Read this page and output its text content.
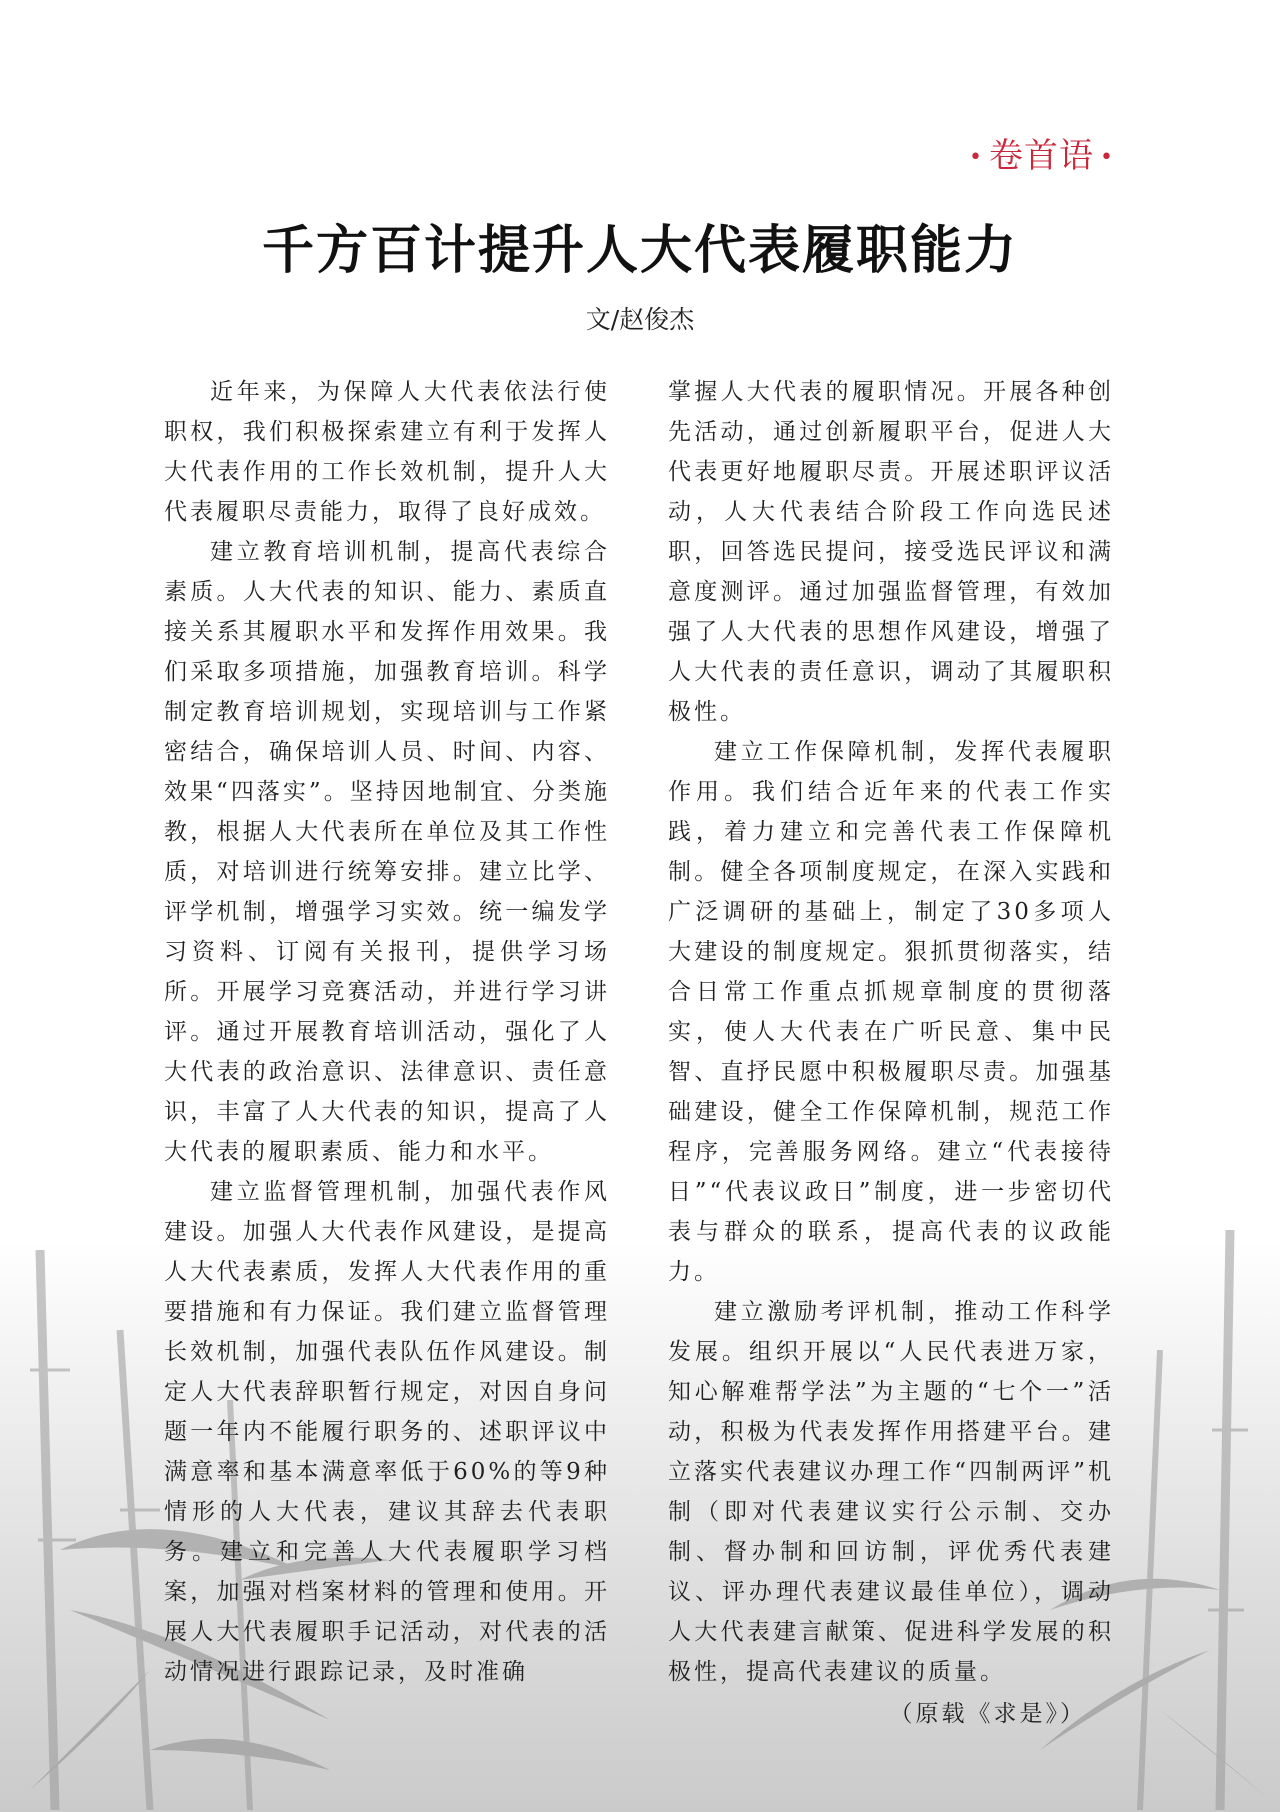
• 卷首语 •
千方百计提升人大代表履职能力
文/赵俊杰

近年来，为保障人大代表依法行使职权，我们积极探索建立有利于发挥人大代表作用的工作长效机制，提升人大代表履职尽责能力，取得了良好成效。

建立教育培训机制，提高代表综合素质。人大代表的知识、能力、素质直接关系其履职水平和发挥作用效果。我们采取多项措施，加强教育培训。科学制定教育培训规划，实现培训与工作紧密结合，确保培训人员、时间、内容、效果“四落实”。坚持因地制宜、分类施教，根据人大代表所在单位及其工作性质，对培训进行统筹安排。建立比学、评学机制，增强学习实效。统一编发学习资料、订阅有关报刊，提供学习场所。开展学习竞赛活动，并进行学习讲评。通过开展教育培训活动，强化了人大代表的政治意识、法律意识、责任意识，丰富了人大代表的知识，提高了人大代表的履职素质、能力和水平。

建立监督管理机制，加强代表作风建设。加强人大代表作风建设，是提高人大代表素质，发挥人大代表作用的重要措施和有力保证。我们建立监督管理长效机制，加强代表队伍作风建设。制定人大代表辞职暂行规定，对因自身问题一年内不能履行职务的、述职评议中满意率和基本满意率低于60%的等9种情形的人大代表，建议其辞去代表职务。建立和完善人大代表履职学习档案，加强对档案材料的管理和使用。开展人大代表履职手记活动，对代表的活动情况进行跟踪记录，及时准确

掌握人大代表的履职情况。开展各种创先活动，通过创新履职平台，促进人大代表更好地履职尽责。开展述职评议活动，人大代表结合阶段工作向选民述职，回答选民提问，接受选民评议和满意度测评。通过加强监督管理，有效加强了人大代表的思想作风建设，增强了人大代表的责任意识，调动了其履职积极性。

建立工作保障机制，发挥代表履职作用。我们结合近年来的代表工作实践，着力建立和完善代表工作保障机制。健全各项制度规定，在深入实践和广泛调研的基础上，制定了30多项人大建设的制度规定。狠抓贯彻落实，结合日常工作重点抓规章制度的贯彻落实，使人大代表在广听民意、集中民智、直抒民愿中积极履职尽责。加强基础建设，健全工作保障机制，规范工作程序，完善服务网络。建立“代表接待日”“代表议政日”制度，进一步密切代表与群众的联系，提高代表的议政能力。

建立激励考评机制，推动工作科学发展。组织开展以“人民代表进万家，知心解难帮学法”为主题的“七个一”活动，积极为代表发挥作用搭建平台。建立落实代表建议办理工作“四制两评”机制（即对代表建议实行公示制、交办制、督办制和回访制，评优秀代表建议、评办理代表建议最佳单位），调动人大代表建言献策、促进科学发展的积极性，提高代表建议的质量。

（原载《求是》）
